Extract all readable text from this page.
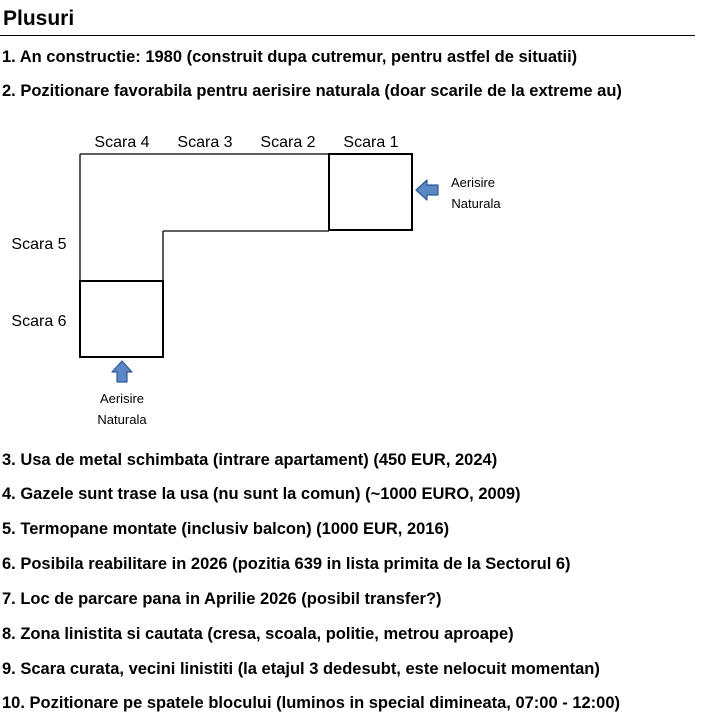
Plusuri
1. An constructie: 1980 (construit dupa cutremur, pentru astfel de situatii)
2. Pozitionare favorabila pentru aerisire naturala (doar scarile de la extreme au)
Scara 4 Scara 3 Scara 2 Scara 1
Scara 5
Scara 6
Aerisire
Naturala
Aerisire
Naturala
3. Usa de metal schimbata (intrare apartament) (450 EUR, 2024)
4. Gazele sunt trase la usa (nu sunt la comun) (~1000 EURO, 2009)
5. Termopane montate (inclusiv balcon) (1000 EUR, 2016)
6. Posibila reabilitare in 2026 (pozitia 639 in lista primita de la Sectorul 6)
7. Loc de parcare pana in Aprilie 2026 (posibil transfer?)
8. Zona linistita si cautata (cresa, scoala, politie, metrou aproape)
9. Scara curata, vecini linistiti (la etajul 3 dedesubt, este nelocuit momentan)
10. Pozitionare pe spatele blocului (luminos in special dimineata, 07:00 - 12:00)
